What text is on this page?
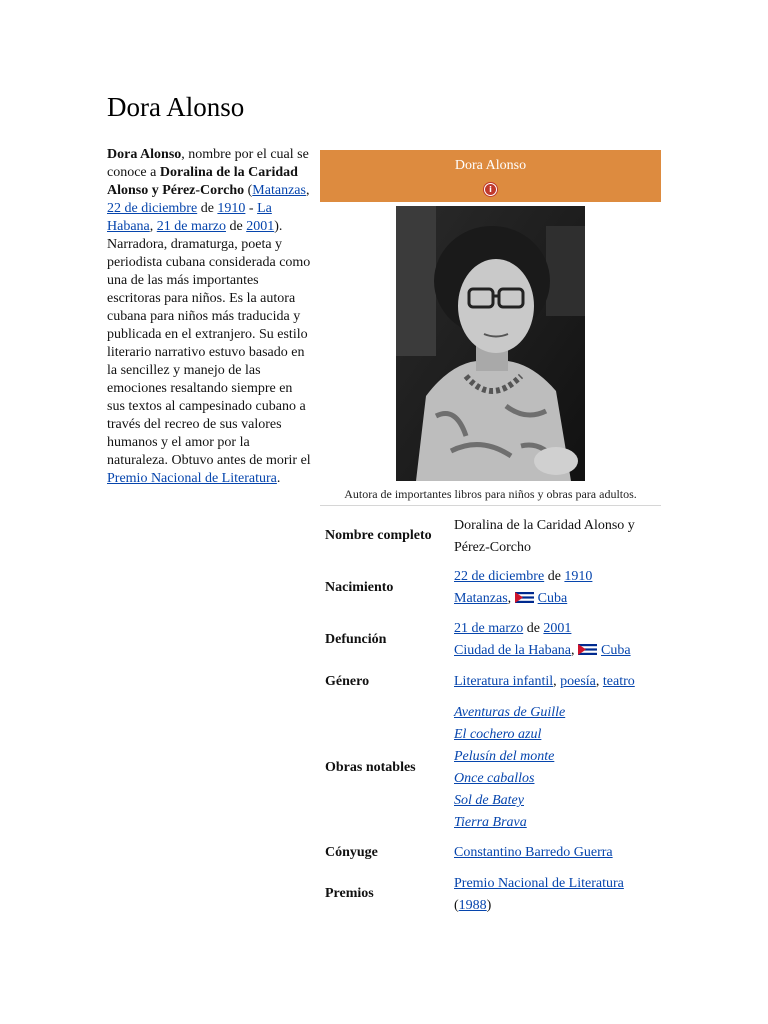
Dora Alonso
Dora Alonso, nombre por el cual se conoce a Doralina de la Caridad Alonso y Pérez-Corcho (Matanzas, 22 de diciembre de 1910 - La Habana, 21 de marzo de 2001). Narradora, dramaturga, poeta y periodista cubana considerada como una de las más importantes escritoras para niños. Es la autora cubana para niños más traducida y publicada en el extranjero. Su estilo literario narrativo estuvo basado en la sencillez y manejo de las emociones resaltando siempre en sus textos al campesinado cubano a través del recreo de sus valores humanos y el amor por la naturaleza. Obtuvo antes de morir el Premio Nacional de Literatura.
Dora Alonso
i
Autora de importantes libros para niños y obras para adultos.
Nombre completo
Doralina de la Caridad Alonso y Pérez-Corcho
Nacimiento
22 de diciembre de 1910
Matanzas, Cuba
Defunción
21 de marzo de 2001
Ciudad de la Habana, Cuba
Género	Literatura infantil, poesía, teatro
Obras notables
Aventuras de Guille
El cochero azul
Pelusín del monte
Once caballos
Sol de Batey
Tierra Brava
Cónyuge	Constantino Barredo Guerra
Premios
Premio Nacional de Literatura
(1988)
